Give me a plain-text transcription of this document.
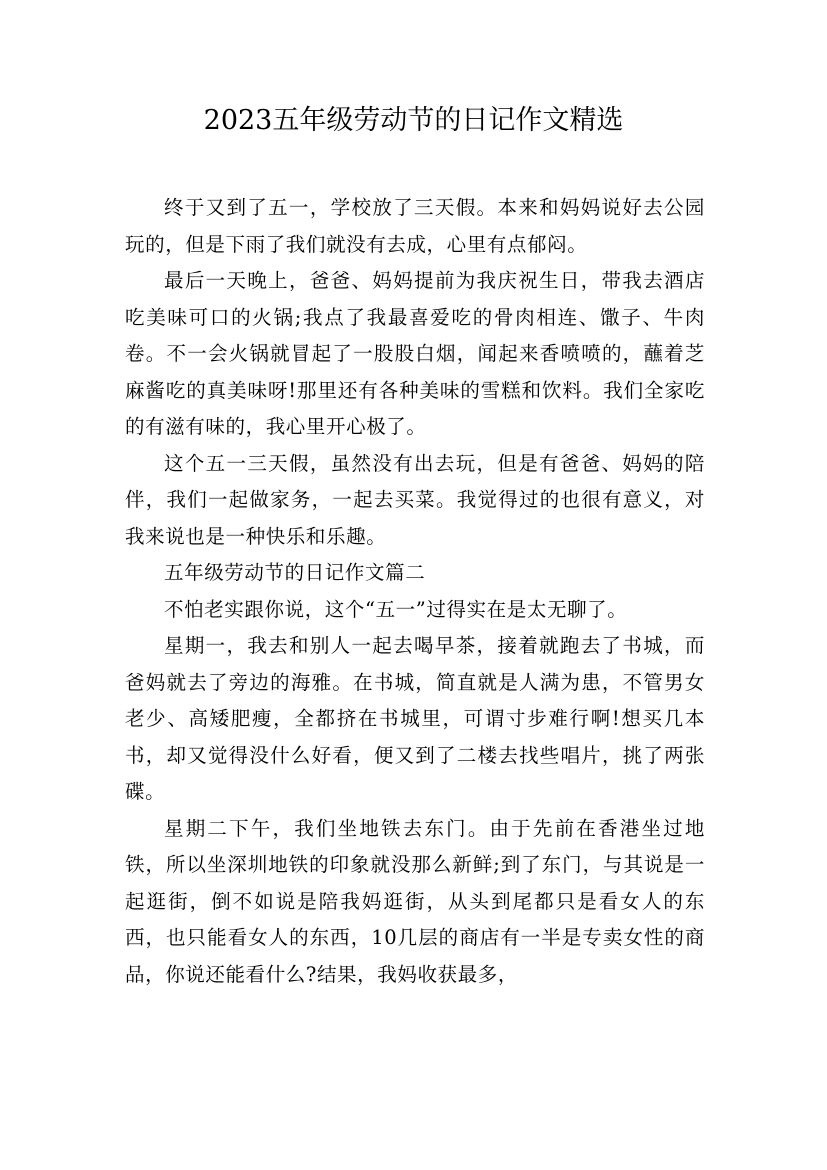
2023五年级劳动节的日记作文精选

终于又到了五一，学校放了三天假。本来和妈妈说好去公园玩的，但是下雨了我们就没有去成，心里有点郁闷。

最后一天晚上，爸爸、妈妈提前为我庆祝生日，带我去酒店吃美味可口的火锅;我点了我最喜爱吃的骨肉相连、馓子、牛肉卷。不一会火锅就冒起了一股股白烟，闻起来香喷喷的，蘸着芝麻酱吃的真美味呀!那里还有各种美味的雪糕和饮料。我们全家吃的有滋有味的，我心里开心极了。

这个五一三天假，虽然没有出去玩，但是有爸爸、妈妈的陪伴，我们一起做家务，一起去买菜。我觉得过的也很有意义，对我来说也是一种快乐和乐趣。

五年级劳动节的日记作文篇二

不怕老实跟你说，这个“五一”过得实在是太无聊了。

星期一，我去和别人一起去喝早茶，接着就跑去了书城，而爸妈就去了旁边的海雅。在书城，简直就是人满为患，不管男女老少、高矮肥瘦，全都挤在书城里，可谓寸步难行啊!想买几本书，却又觉得没什么好看，便又到了二楼去找些唱片，挑了两张碟。

星期二下午，我们坐地铁去东门。由于先前在香港坐过地铁，所以坐深圳地铁的印象就没那么新鲜;到了东门，与其说是一起逛街，倒不如说是陪我妈逛街，从头到尾都只是看女人的东西，也只能看女人的东西，10几层的商店有一半是专卖女性的商品，你说还能看什么?结果，我妈收获最多，
